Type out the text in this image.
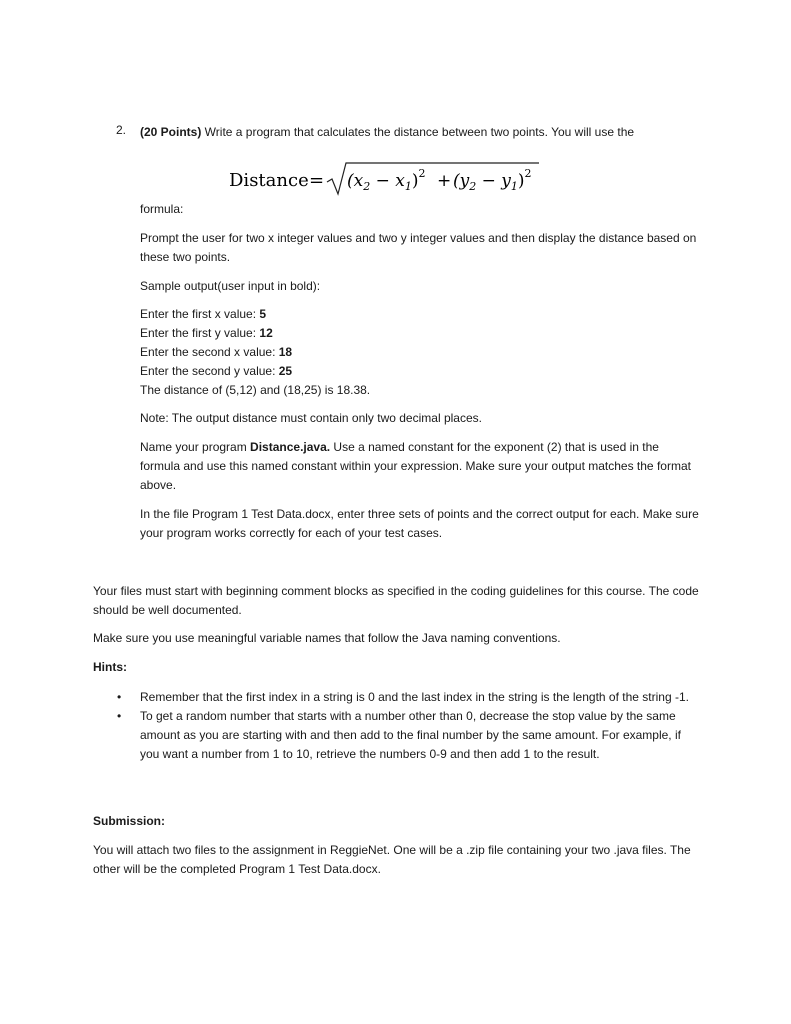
2. (20 Points) Write a program that calculates the distance between two points. You will use the

Distance = $(x_2 - x_1)^2 + (y_2 - y_1)^2$

formula:

Prompt the user for two x integer values and two y integer values and then display the distance based on these two points.

Sample output(user input in bold):

Enter the first x value: 5
Enter the first y value: 12
Enter the second x value: 18
Enter the second y value: 25
The distance of (5,12) and (18,25) is 18.38.

Note: The output distance must contain only two decimal places.

Name your program Distance.java. Use a named constant for the exponent (2) that is used in the formula and use this named constant within your expression. Make sure your output matches the format above.

In the file Program 1 Test Data.docx, enter three sets of points and the correct output for each. Make sure your program works correctly for each of your test cases.

Your files must start with beginning comment blocks as specified in the coding guidelines for this course. The code should be well documented.

Make sure you use meaningful variable names that follow the Java naming conventions.

Hints:

• Remember that the first index in a string is 0 and the last index in the string is the length of the string -1.
• To get a random number that starts with a number other than 0, decrease the stop value by the same amount as you are starting with and then add to the final number by the same amount. For example, if you want a number from 1 to 10, retrieve the numbers 0-9 and then add 1 to the result.

Submission:

You will attach two files to the assignment in ReggieNet. One will be a .zip file containing your two .java files. The other will be the completed Program 1 Test Data.docx.
